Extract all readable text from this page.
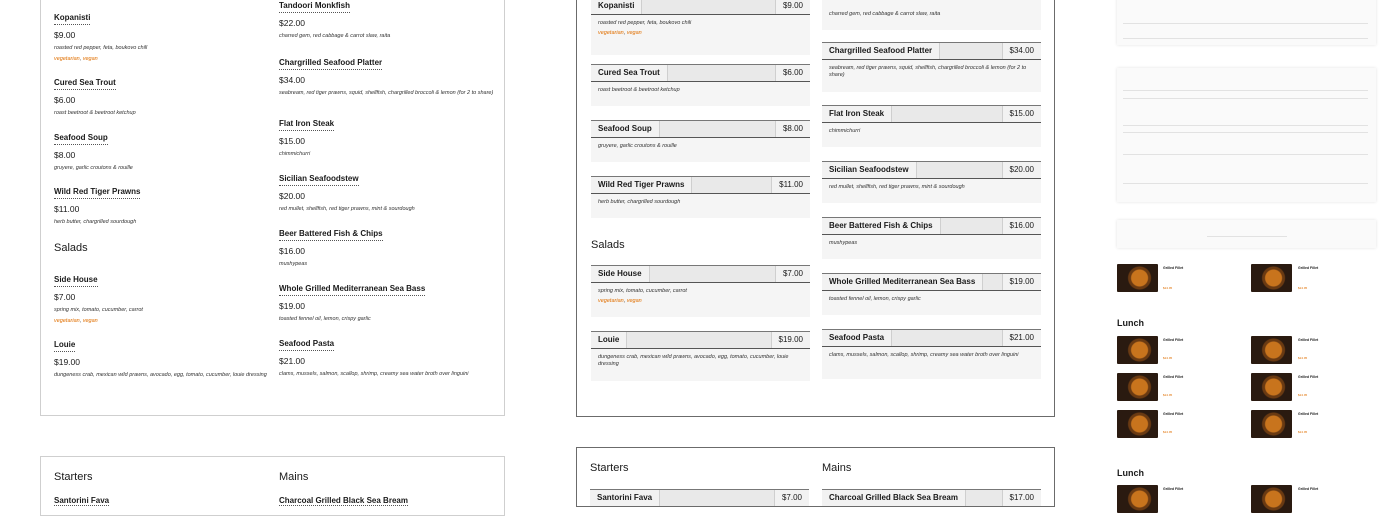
Kopanisti
$9.00
roasted red pepper, feta, boukovo chill
vegetarian, vegan
Cured Sea Trout
$6.00
roast beetroot & beetroot ketchup
Seafood Soup
$8.00
gruyere, garlic croutons & rouille
Wild Red Tiger Prawns
$11.00
herb butter, chargrilled sourdough
Salads
Side House
$7.00
spring mix, tomato, cucumber, carrot
vegetarian, vegan
Louie
$19.00
dungeness crab, mexican wild prawns, avocado, egg, tomato, cucumber, louie dressing
Tandoori Monkfish
$22.00
charred gem, red cabbage & carrot slaw, raita
Chargrilled Seafood Platter
$34.00
seabream, red tiger prawns, squid, shellfish, chargrilled broccoli & lemon (for 2 to share)
Flat Iron Steak
$15.00
chimmichurri
Sicilian Seafoodstew
$20.00
red mullet, shellfish, red tiger prawns, mint & sourdough
Beer Battered Fish & Chips
$16.00
mushypeas
Whole Grilled Mediterranean Sea Bass
$19.00
toasted fennel oil, lemon, crispy garlic
Seafood Pasta
$21.00
clams, mussels, salmon, scallop, shrimp, creamy sea water broth over linguini
Starters	Mains
Santorini Fava	Charcoal Grilled Black Sea Bream
Kopanisti	$9.00
roasted red pepper, feta, boukovo chili
vegetarian, vegan
Cured Sea Trout	$6.00
roast beetroot & beetroot ketchup
Seafood Soup	$8.00
gruyere, garlic croutons & rouille
Wild Red Tiger Prawns	$11.00
herb butter, chargrilled sourdough
Salads
Side House	$7.00
spring mix, tomato, cucumber, carrot
vegetarian, vegan
Louie	$19.00
dungeness crab, mexican wild prawns, avocado, egg, tomato, cucumber, louie dressing
charred gem, red cabbage & carrot slaw, raita
Chargrilled Seafood Platter	$34.00
seabream, red tiger prawns, squid, shellfish, chargrilled broccoli & lemon (for 2 to share)
Flat Iron Steak	$15.00
chimmichurri
Sicilian Seafoodstew	$20.00
red mullet, shellfish, red tiger prawns, mint & sourdough
Beer Battered Fish & Chips	$16.00
mushypeas
Whole Grilled Mediterranean Sea Bass	$19.00
toasted fennel oil, lemon, crispy garlic
Seafood Pasta	$21.00
clams, mussels, salmon, scallop, shrimp, creamy sea water broth over linguini
Starters	Mains
Santorini Fava	$7.00	Charcoal Grilled Black Sea Bream	$17.00
Grilled Fillet
$24.95
Grilled Fillet
$24.95
Lunch
Grilled Fillet
$24.95
Grilled Fillet
$24.95
Grilled Fillet
$24.95
Grilled Fillet
$24.95
Grilled Fillet
$24.95
Grilled Fillet
$24.95
Lunch
Grilled Fillet	Grilled Fillet
